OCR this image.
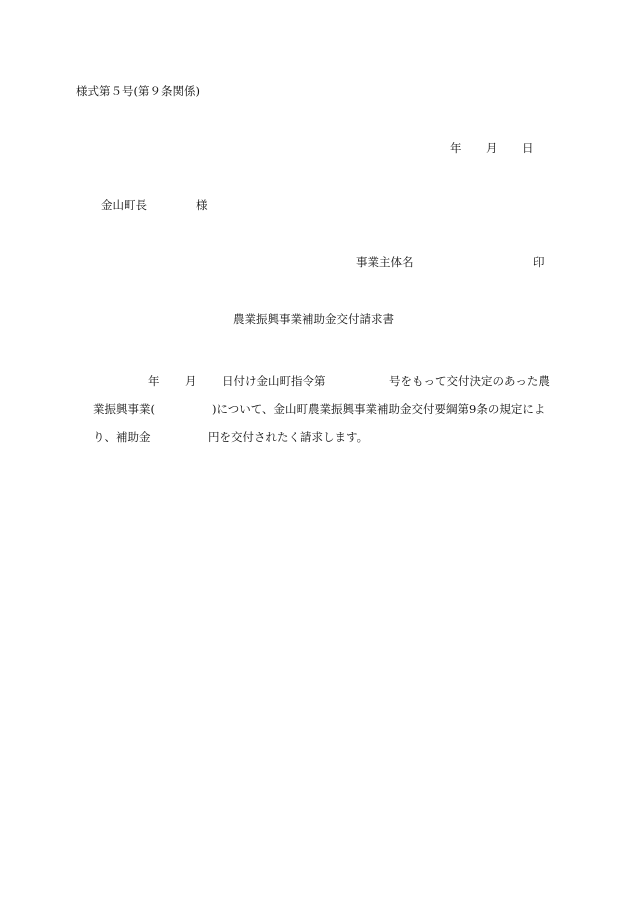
様式第５号(第９条関係)
年 月 日
金山町長	様
事業主体名	印
農業振興事業補助金交付請求書
年 月 日付け金山町指令第	号をもって交付決定のあった農
業振興事業(	)について、金山町農業振興事業補助金交付要綱第9条の規定によ
り、補助金	円を交付されたく請求します。
